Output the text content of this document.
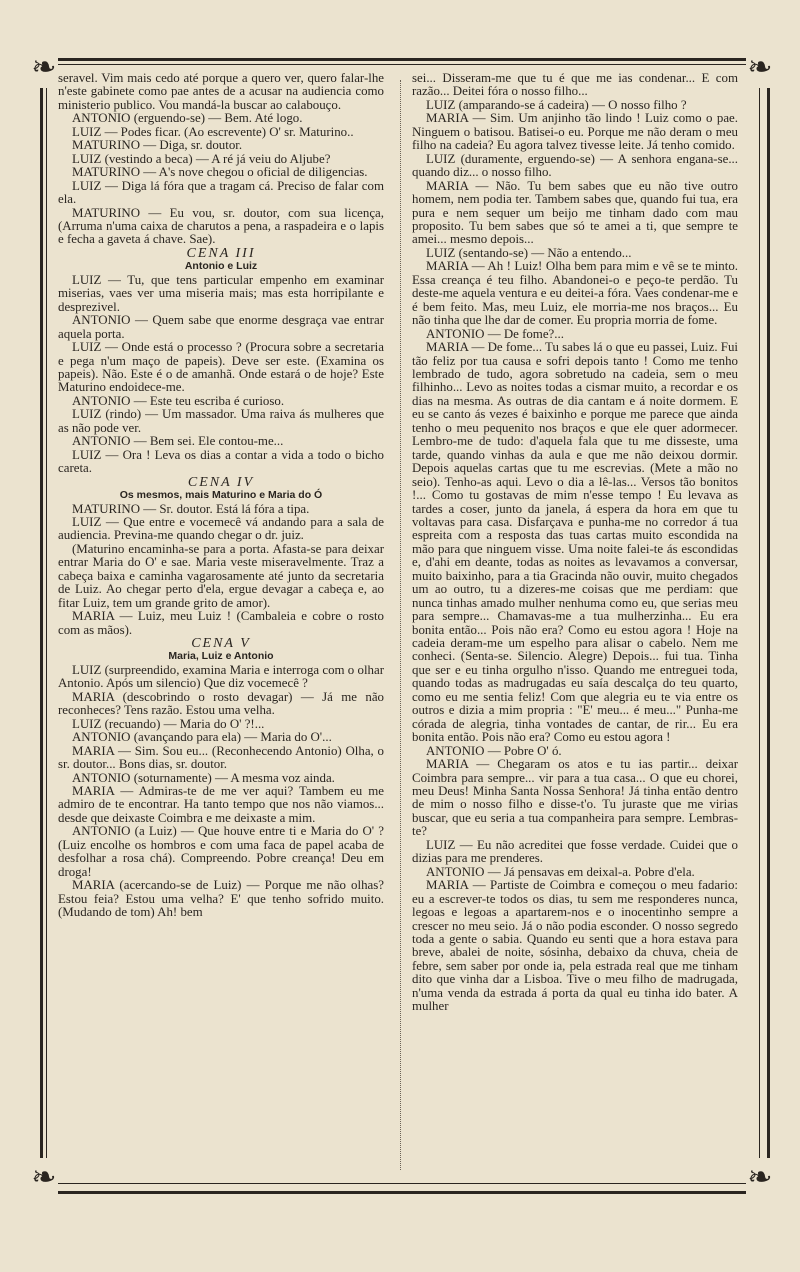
❧	❧
❧	❧

seravel. Vim mais cedo até porque a quero ver, quero falar-lhe n'este gabinete como pae antes de a acusar na audiencia como ministerio publico. Vou mandá-la buscar ao calabouço.

ANTONIO (erguendo-se) — Bem. Até logo.

LUIZ — Podes ficar. (Ao escrevente) O' sr. Maturino..

MATURINO — Diga, sr. doutor.

LUIZ (vestindo a beca) — A ré já veiu do Aljube?

MATURINO — A's nove chegou o oficial de diligencias.

LUIZ — Diga lá fóra que a tragam cá. Preciso de falar com ela.

MATURINO — Eu vou, sr. doutor, com sua licença, (Arruma n'uma caixa de charutos a pena, a raspadeira e o lapis e fecha a gaveta á chave. Sae).

CENA III

Antonio e Luiz

LUIZ — Tu, que tens particular empenho em examinar miserias, vaes ver uma miseria mais; mas esta horripilante e desprezivel.

ANTONIO — Quem sabe que enorme desgraça vae entrar aquela porta.

LUIZ — Onde está o processo ? (Procura sobre a secretaria e pega n'um maço de papeis). Deve ser este. (Examina os papeis). Não. Este é o de amanhã. Onde estará o de hoje? Este Maturino endoidece-me.

ANTONIO — Este teu escriba é curioso.

LUIZ (rindo) — Um massador. Uma raiva ás mulheres que as não pode ver.

ANTONIO — Bem sei. Ele contou-me...

LUIZ — Ora ! Leva os dias a contar a vida a todo o bicho careta.

CENA IV

Os mesmos, mais Maturino e Maria do Ó

MATURINO — Sr. doutor. Está lá fóra a tipa.

LUIZ — Que entre e vocemecê vá andando para a sala de audiencia. Previna-me quando chegar o dr. juiz.

(Maturino encaminha-se para a porta. Afasta-se para deixar entrar Maria do O' e sae. Maria veste miseravelmente. Traz a cabeça baixa e caminha vagarosamente até junto da secretaria de Luiz. Ao chegar perto d'ela, ergue devagar a cabeça e, ao fitar Luiz, tem um grande grito de amor).

MARIA — Luiz, meu Luiz ! (Cambaleia e cobre o rosto com as mãos).

CENA V

Maria, Luiz e Antonio

LUIZ (surpreendido, examina Maria e interroga com o olhar Antonio. Após um silencio) Que diz vocemecê ?

MARIA (descobrindo o rosto devagar) — Já me não reconheces? Tens razão. Estou uma velha.

LUIZ (recuando) — Maria do O' ?!...

ANTONIO (avançando para ela) — Maria do O'...

MARIA — Sim. Sou eu... (Reconhecendo Antonio) Olha, o sr. doutor... Bons dias, sr. doutor.

ANTONIO (soturnamente) — A mesma voz ainda.

MARIA — Admiras-te de me ver aqui? Tambem eu me admiro de te encontrar. Ha tanto tempo que nos não viamos... desde que deixaste Coimbra e me deixaste a mim.

ANTONIO (a Luiz) — Que houve entre ti e Maria do O' ? (Luiz encolhe os hombros e com uma faca de papel acaba de desfolhar a rosa chá). Compreendo. Pobre creança! Deu em droga!

MARIA (acercando-se de Luiz) — Porque me não olhas? Estou feia? Estou uma velha? E' que tenho sofrido muito. (Mudando de tom) Ah! bem

sei... Disseram-me que tu é que me ias condenar... E com razão... Deitei fóra o nosso filho...

LUIZ (amparando-se á cadeira) — O nosso filho ?

MARIA — Sim. Um anjinho tão lindo ! Luiz como o pae. Ninguem o batisou. Batisei-o eu. Porque me não deram o meu filho na cadeia? Eu agora talvez tivesse leite. Já tenho comido.

LUIZ (duramente, erguendo-se) — A senhora engana-se... quando diz... o nosso filho.

MARIA — Não. Tu bem sabes que eu não tive outro homem, nem podia ter. Tambem sabes que, quando fui tua, era pura e nem sequer um beijo me tinham dado com mau proposito. Tu bem sabes que só te amei a ti, que sempre te amei... mesmo depois...

LUIZ (sentando-se) — Não a entendo...

MARIA — Ah ! Luiz! Olha bem para mim e vê se te minto. Essa creança é teu filho. Abandonei-o e peço-te perdão. Tu deste-me aquela ventura e eu deitei-a fóra. Vaes condenar-me e é bem feito. Mas, meu Luiz, ele morria-me nos braços... Eu não tinha que lhe dar de comer. Eu propria morria de fome.

ANTONIO — De fome?...

MARIA — De fome... Tu sabes lá o que eu passei, Luiz. Fui tão feliz por tua causa e sofri depois tanto ! Como me tenho lembrado de tudo, agora sobretudo na cadeia, sem o meu filhinho... Levo as noites todas a cismar muito, a recordar e os dias na mesma. As outras de dia cantam e á noite dormem. E eu se canto ás vezes é baixinho e porque me parece que ainda tenho o meu pequenito nos braços e que ele quer adormecer. Lembro-me de tudo: d'aquela fala que tu me disseste, uma tarde, quando vinhas da aula e que me não deixou dormir. Depois aquelas cartas que tu me escrevias. (Mete a mão no seio). Tenho-as aqui. Levo o dia a lê-las... Versos tão bonitos !... Como tu gostavas de mim n'esse tempo ! Eu levava as tardes a coser, junto da janela, á espera da hora em que tu voltavas para casa. Disfarçava e punha-me no corredor á tua espreita com a resposta das tuas cartas muito escondida na mão para que ninguem visse. Uma noite falei-te ás escondidas e, d'ahi em deante, todas as noites as levavamos a conversar, muito baixinho, para a tia Gracinda não ouvir, muito chegados um ao outro, tu a dizeres-me coisas que me perdiam: que nunca tinhas amado mulher nenhuma como eu, que serias meu para sempre... Chamavas-me a tua mulherzinha... Eu era bonita então... Pois não era? Como eu estou agora ! Hoje na cadeia deram-me um espelho para alisar o cabelo. Nem me conheci. (Senta-se. Silencio. Alegre) Depois... fui tua. Tinha que ser e eu tinha orgulho n'isso. Quando me entreguei toda, quando todas as madrugadas eu saía descalça do teu quarto, como eu me sentia feliz! Com que alegria eu te via entre os outros e dizia a mim propria : "E' meu... é meu..." Punha-me córada de alegria, tinha vontades de cantar, de rir... Eu era bonita então. Pois não era? Como eu estou agora !

ANTONIO — Pobre O' ó.

MARIA — Chegaram os atos e tu ias partir... deixar Coimbra para sempre... vir para a tua casa... O que eu chorei, meu Deus! Minha Santa Nossa Senhora! Já tinha então dentro de mim o nosso filho e disse-t'o. Tu juraste que me virias buscar, que eu seria a tua companheira para sempre. Lembras-te?

LUIZ — Eu não acreditei que fosse verdade. Cuidei que o dizias para me prenderes.

ANTONIO — Já pensavas em deixal-a. Pobre d'ela.

MARIA — Partiste de Coimbra e começou o meu fadario: eu a escrever-te todos os dias, tu sem me responderes nunca, legoas e legoas a apartarem-nos e o inocentinho sempre a crescer no meu seio. Já o não podia esconder. O nosso segredo toda a gente o sabia. Quando eu senti que a hora estava para breve, abalei de noite, sósinha, debaixo da chuva, cheia de febre, sem saber por onde ia, pela estrada real que me tinham dito que vinha dar a Lisboa. Tive o meu filho de madrugada, n'uma venda da estrada á porta da qual eu tinha ido bater. A mulher
